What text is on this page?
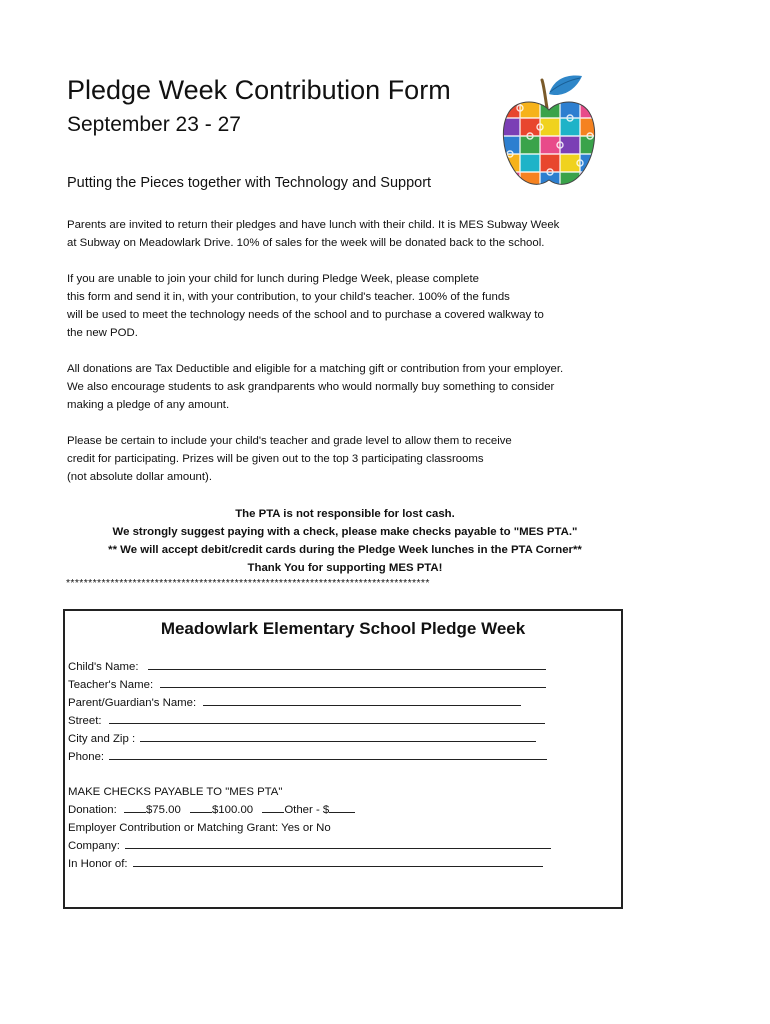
Pledge Week Contribution Form
September 23 - 27
Putting the Pieces together with Technology and Support
Parents are invited to return their pledges and have lunch with their child. It is MES Subway Week
at Subway on Meadowlark Drive. 10% of sales for the week will be donated back to the school.
If you are unable to join your child for lunch during Pledge Week, please complete
this form and send it in, with your contribution, to your child's teacher. 100% of the funds
will be used to meet the technology needs of the school and to purchase a covered walkway to
the new POD.
All donations are Tax Deductible and eligible for a matching gift or contribution from your employer.
We also encourage students to ask grandparents who would normally buy something to consider
making a pledge of any amount.
Please be certain to include your child's teacher and grade level to allow them to receive
credit for participating. Prizes will be given out to the top 3 participating classrooms
(not absolute dollar amount).
The PTA is not responsible for lost cash.
We strongly suggest paying with a check, please make checks payable to "MES PTA."
** We will accept debit/credit cards during the Pledge Week lunches in the PTA Corner**
Thank You for supporting MES PTA!
**********************************************************************************
Meadowlark Elementary School Pledge Week
Child's Name:
Teacher's Name:
Parent/Guardian's Name:
Street:
City and Zip :
Phone:
MAKE CHECKS PAYABLE TO "MES PTA"
Donation:	$75.00	$100.00	Other - $
Employer Contribution or Matching Grant: Yes or No
Company:
In Honor of:
